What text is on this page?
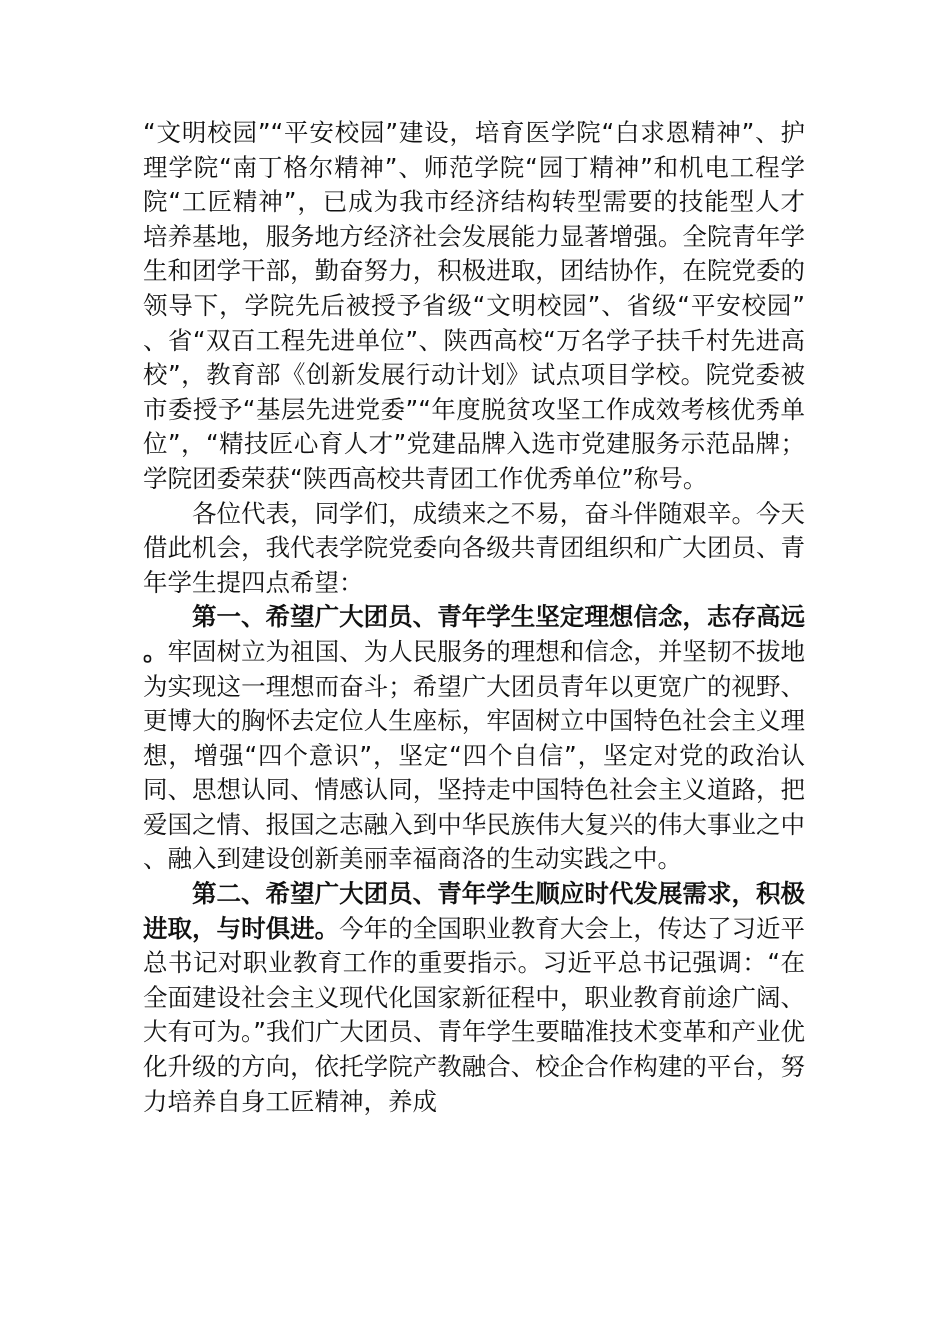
“文明校园”“平安校园”建设，培育医学院“白求恩精神”、护理学院“南丁格尔精神”、师范学院“园丁精神”和机电工程学院“工匠精神”，已成为我市经济结构转型需要的技能型人才培养基地，服务地方经济社会发展能力显著增强。全院青年学生和团学干部，勤奋努力，积极进取，团结协作，在院党委的领导下，学院先后被授予省级“文明校园”、省级“平安校园”、省“双百工程先进单位”、陕西高校“万名学子扶千村先进高校”，教育部《创新发展行动计划》试点项目学校。院党委被市委授予“基层先进党委”“年度脱贫攻坚工作成效考核优秀单位”，“精技匠心育人才”党建品牌入选市党建服务示范品牌；学院团委荣获“陕西高校共青团工作优秀单位”称号。

各位代表，同学们，成绩来之不易，奋斗伴随艰辛。今天借此机会，我代表学院党委向各级共青团组织和广大团员、青年学生提四点希望：

第一、希望广大团员、青年学生坚定理想信念，志存高远。牢固树立为祖国、为人民服务的理想和信念，并坚韧不拔地为实现这一理想而奋斗；希望广大团员青年以更宽广的视野、更博大的胸怀去定位人生座标，牢固树立中国特色社会主义理想，增强“四个意识”，坚定“四个自信”，坚定对党的政治认同、思想认同、情感认同，坚持走中国特色社会主义道路，把爱国之情、报国之志融入到中华民族伟大复兴的伟大事业之中、融入到建设创新美丽幸福商洛的生动实践之中。

第二、希望广大团员、青年学生顺应时代发展需求，积极进取，与时俱进。今年的全国职业教育大会上，传达了习近平总书记对职业教育工作的重要指示。习近平总书记强调：“在全面建设社会主义现代化国家新征程中，职业教育前途广阔、大有可为。”我们广大团员、青年学生要瞄准技术变革和产业优化升级的方向，依托学院产教融合、校企合作构建的平台，努力培养自身工匠精神，养成
